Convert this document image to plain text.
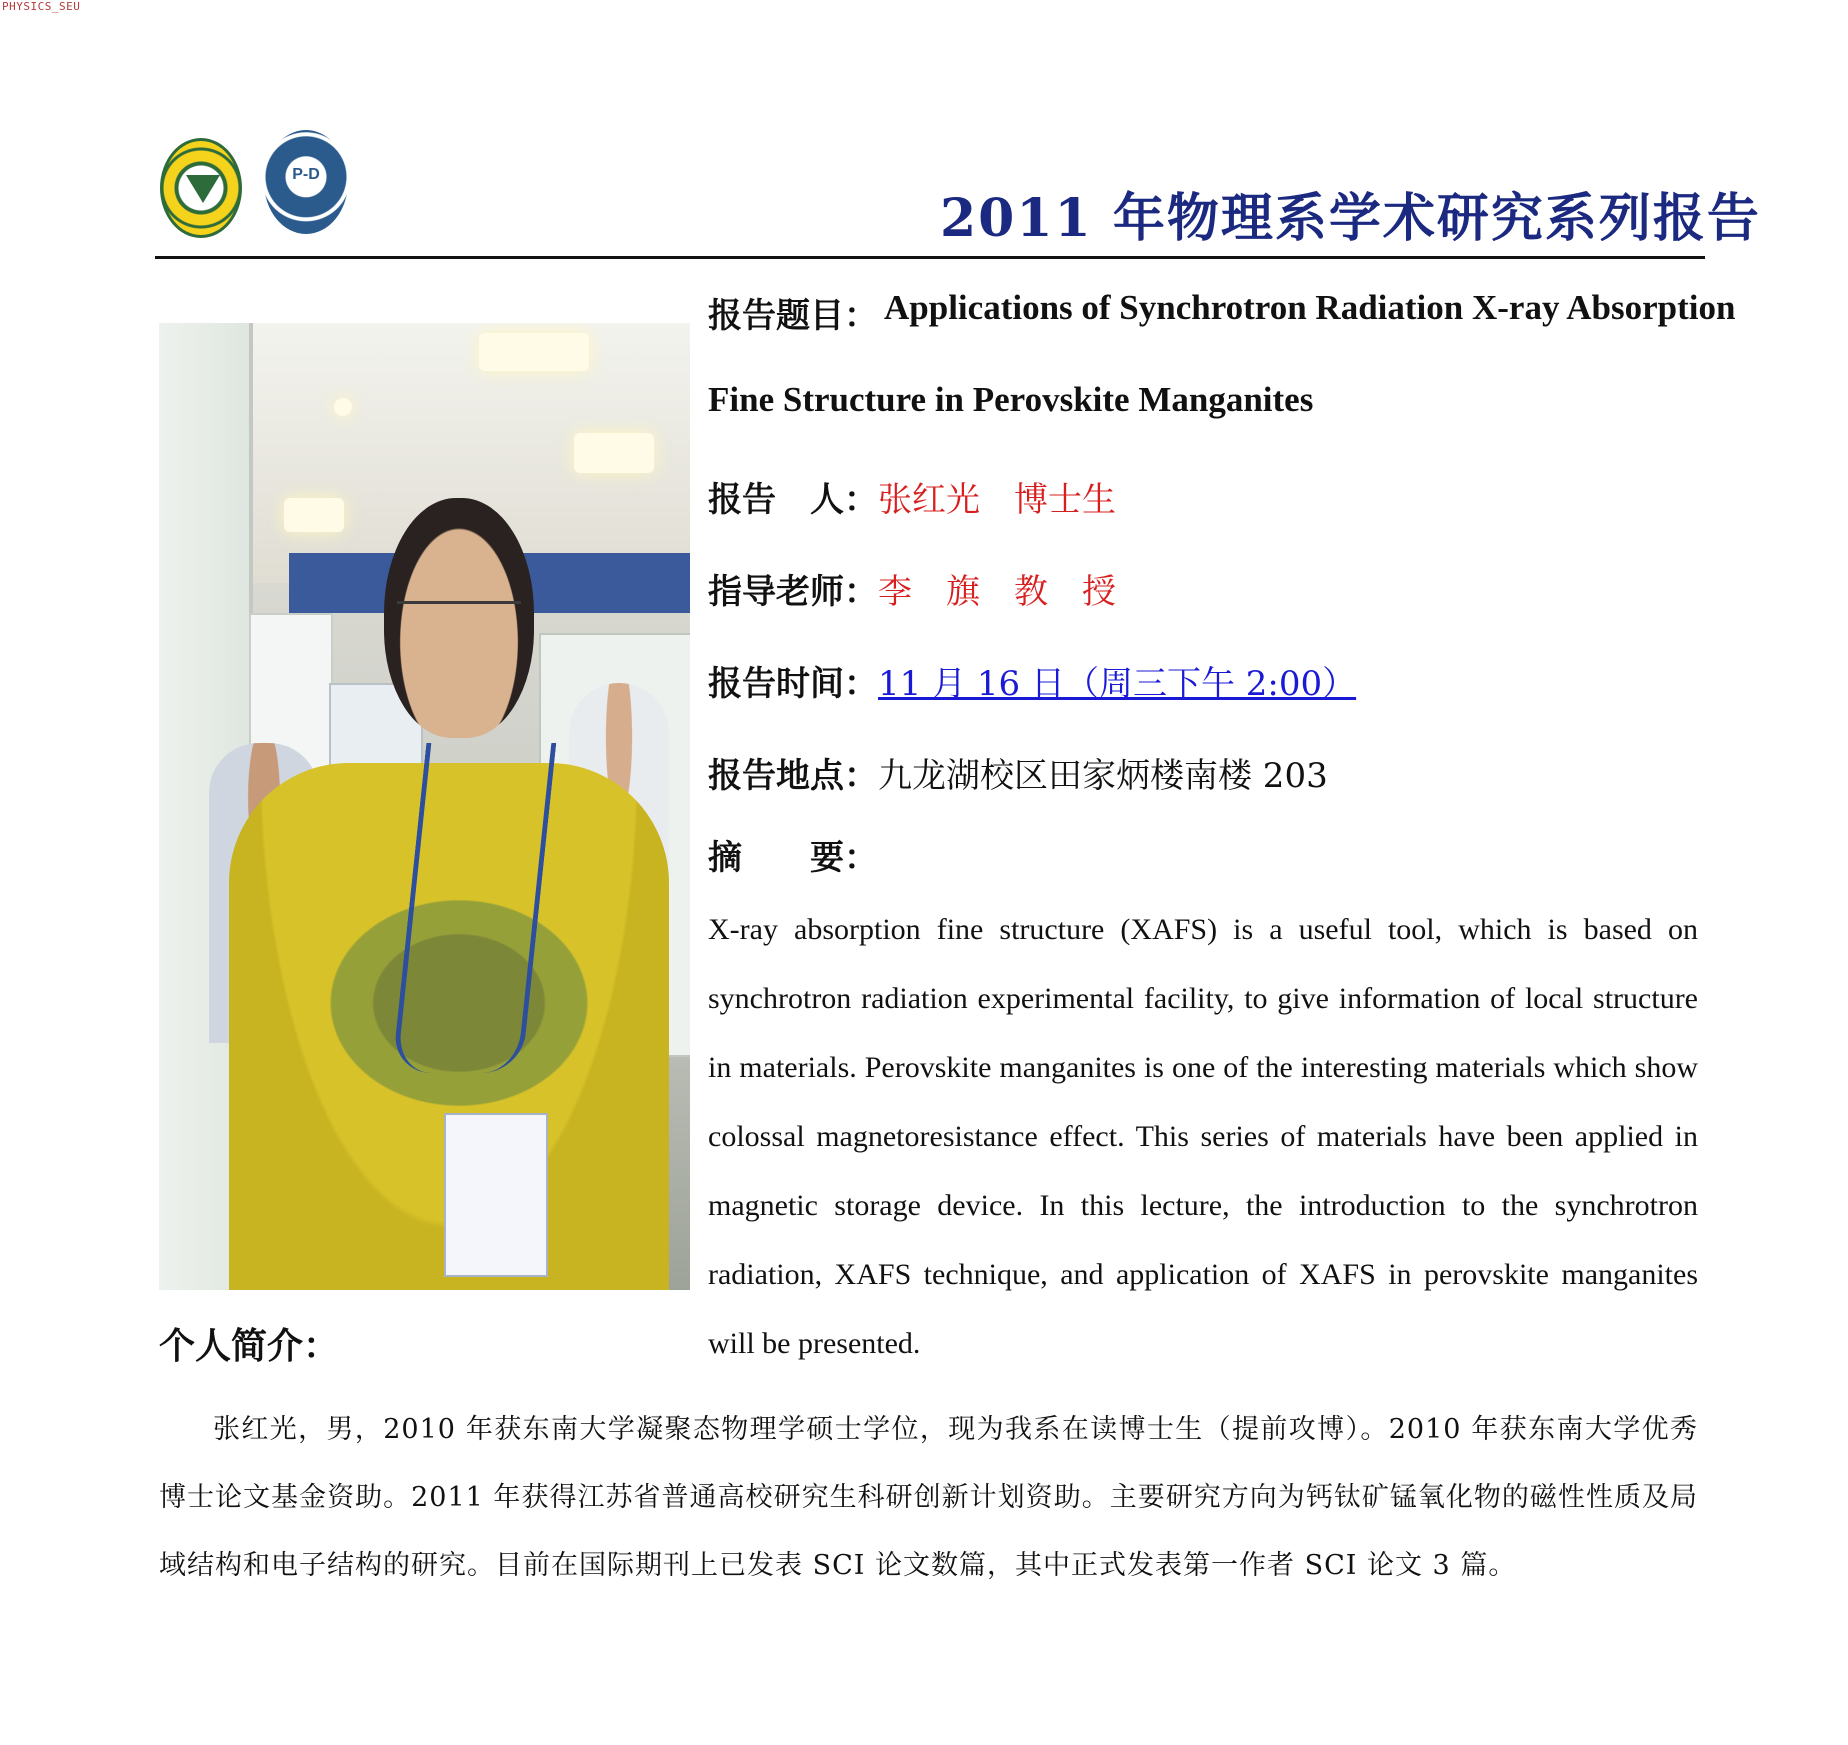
PHYSICS_SEU
P-D
2011 年物理系学术研究系列报告
报告题目： Applications of Synchrotron Radiation X-ray Absorption
Fine Structure in Perovskite Manganites
报告　人：张红光　博士生
指导老师：李　旗　教　授
报告时间：11 月 16 日（周三下午 2:00）
报告地点：九龙湖校区田家炳楼南楼 203
摘　　要：
X-ray absorption fine structure (XAFS) is a useful tool, which is based on synchrotron radiation experimental facility, to give information of local structure in materials. Perovskite manganites is one of the interesting materials which show colossal magnetoresistance effect. This series of materials have been applied in magnetic storage device. In this lecture, the introduction to the synchrotron radiation, XAFS technique, and application of XAFS in perovskite manganites will be presented.
个人简介：
张红光，男，2010 年获东南大学凝聚态物理学硕士学位，现为我系在读博士生（提前攻博）。2010 年获东南大学优秀博士论文基金资助。2011 年获得江苏省普通高校研究生科研创新计划资助。主要研究方向为钙钛矿锰氧化物的磁性性质及局域结构和电子结构的研究。目前在国际期刊上已发表 SCI 论文数篇，其中正式发表第一作者 SCI 论文 3 篇。
